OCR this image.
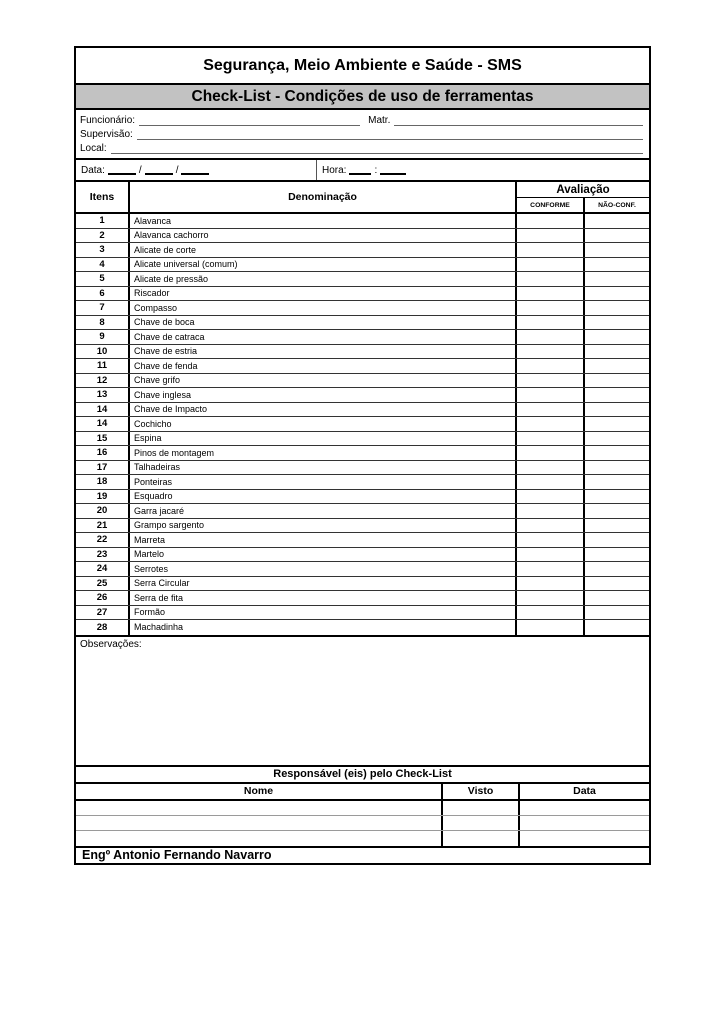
Segurança, Meio Ambiente e Saúde - SMS
Check-List - Condições de uso de ferramentas
Funcionário:	Matr.
Supervisão:
Local:
Data:	/	/	Hora:	:
Itens	Denominação
Avaliação
CONFORME	NÃO-CONF.
1	Alavanca
2	Alavanca cachorro
3	Alicate de corte
4	Alicate universal (comum)
5	Alicate de pressão
6	Riscador
7	Compasso
8	Chave de boca
9	Chave de catraca
10	Chave de estria
11	Chave de fenda
12	Chave grifo
13	Chave inglesa
14	Chave de Impacto
14	Cochicho
15	Espina
16	Pinos de montagem
17	Talhadeiras
18	Ponteiras
19	Esquadro
20	Garra jacaré
21	Grampo sargento
22	Marreta
23	Martelo
24	Serrotes
25	Serra Circular
26	Serra de fita
27	Formão
28	Machadinha
Observações:
Responsável (eis) pelo Check-List
Nome	Visto	Data
Engº Antonio Fernando Navarro
